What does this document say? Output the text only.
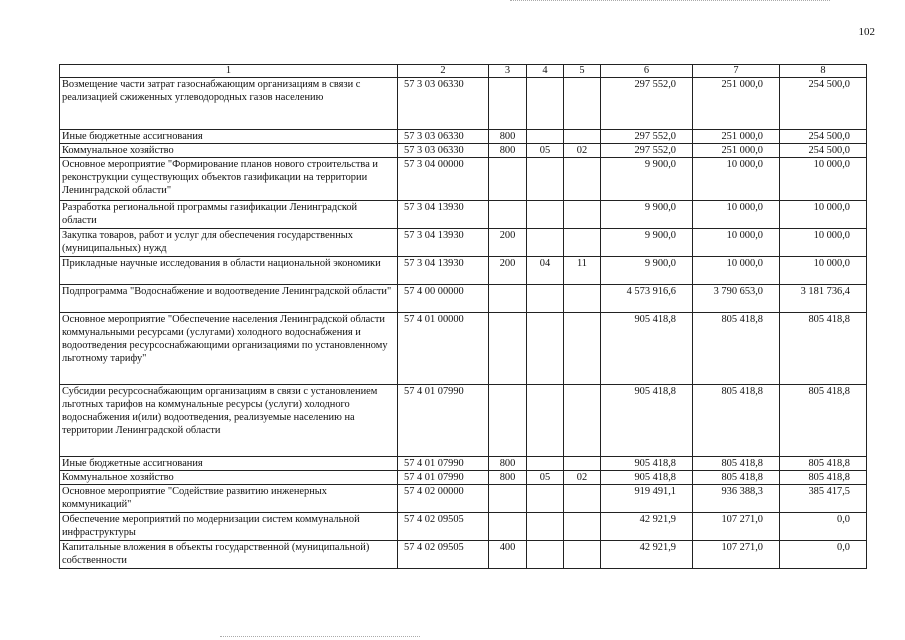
102
1	2	3	4	5	6	7	8
Возмещение части затрат газоснабжающим организациям в связи с реализацией сжиженных углеводородных газов населению	57 3 03 06330				297 552,0	251 000,0	254 500,0
Иные бюджетные ассигнования	57 3 03 06330	800			297 552,0	251 000,0	254 500,0
Коммунальное хозяйство	57 3 03 06330	800	05	02	297 552,0	251 000,0	254 500,0
Основное мероприятие "Формирование планов нового строительства и реконструкции существующих объектов газификации на территории Ленинградской области"	57 3 04 00000				9 900,0	10 000,0	10 000,0
Разработка региональной программы газификации Ленинградской области	57 3 04 13930				9 900,0	10 000,0	10 000,0
Закупка товаров, работ и услуг для обеспечения государственных (муниципальных) нужд	57 3 04 13930	200			9 900,0	10 000,0	10 000,0
Прикладные научные исследования в области национальной экономики	57 3 04 13930	200	04	11	9 900,0	10 000,0	10 000,0
Подпрограмма "Водоснабжение и водоотведение Ленинградской области"	57 4 00 00000				4 573 916,6	3 790 653,0	3 181 736,4
Основное мероприятие "Обеспечение населения Ленинградской области коммунальными ресурсами (услугами) холодного водоснабжения и водоотведения ресурсоснабжающими организациями по установленному льготному тарифу"	57 4 01 00000				905 418,8	805 418,8	805 418,8
Субсидии ресурсоснабжающим организациям в связи с установлением льготных тарифов на коммунальные ресурсы (услуги) холодного водоснабжения и(или) водоотведения, реализуемые населению на территории Ленинградской области	57 4 01 07990				905 418,8	805 418,8	805 418,8
Иные бюджетные ассигнования	57 4 01 07990	800			905 418,8	805 418,8	805 418,8
Коммунальное хозяйство	57 4 01 07990	800	05	02	905 418,8	805 418,8	805 418,8
Основное мероприятие "Содействие развитию инженерных коммуникаций"	57 4 02 00000				919 491,1	936 388,3	385 417,5
Обеспечение мероприятий по модернизации систем коммунальной инфраструктуры	57 4 02 09505				42 921,9	107 271,0	0,0
Капитальные вложения в объекты государственной (муниципальной) собственности	57 4 02 09505	400			42 921,9	107 271,0	0,0
